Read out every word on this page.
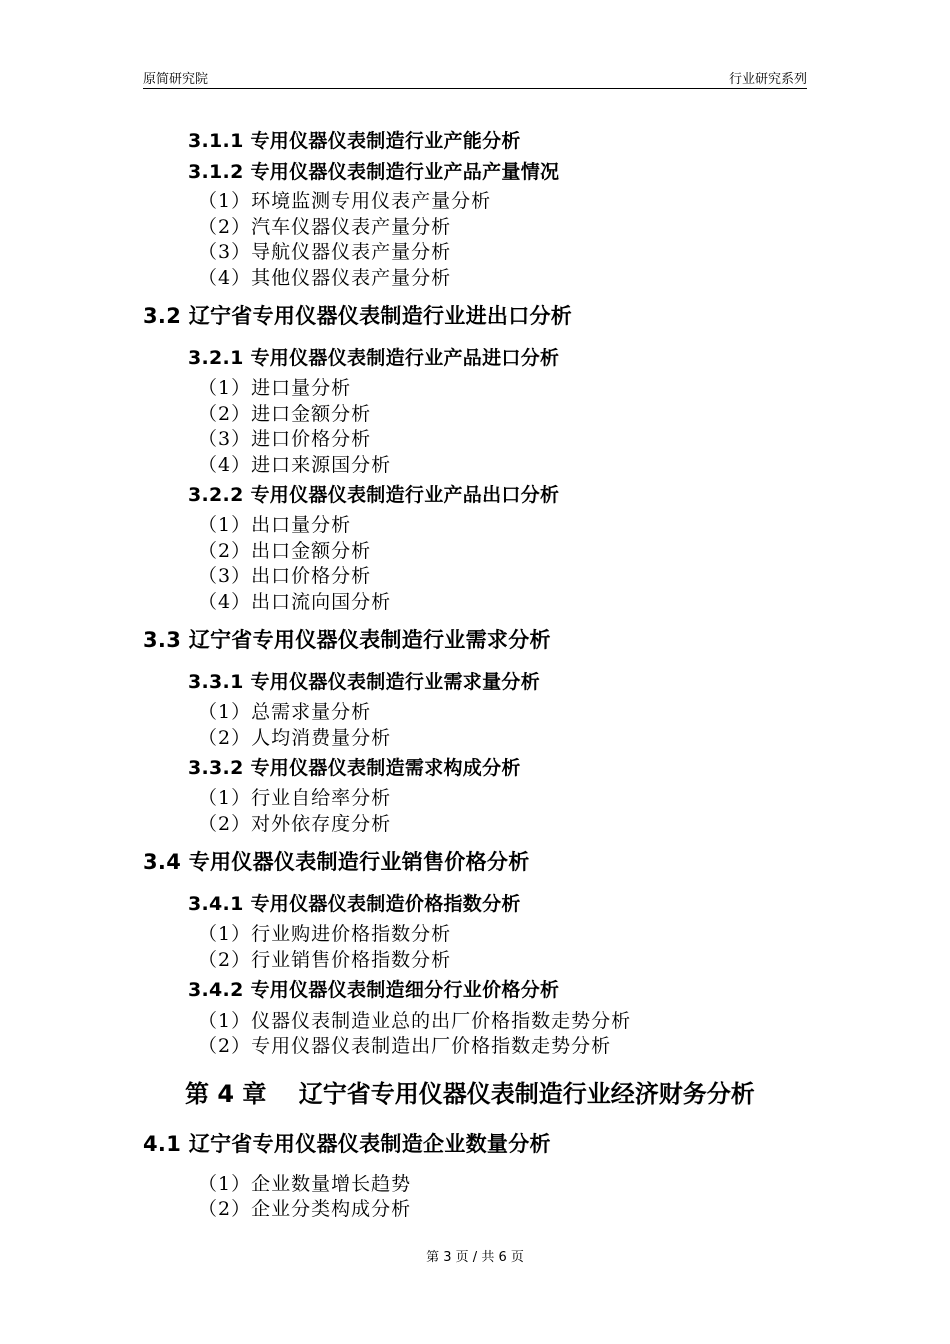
原简研究院	行业研究系列
3.1.1 专用仪器仪表制造行业产能分析
3.1.2 专用仪器仪表制造行业产品产量情况
（1）环境监测专用仪表产量分析
（2）汽车仪器仪表产量分析
（3）导航仪器仪表产量分析
（4）其他仪器仪表产量分析
3.2 辽宁省专用仪器仪表制造行业进出口分析
3.2.1 专用仪器仪表制造行业产品进口分析
（1）进口量分析
（2）进口金额分析
（3）进口价格分析
（4）进口来源国分析
3.2.2 专用仪器仪表制造行业产品出口分析
（1）出口量分析
（2）出口金额分析
（3）出口价格分析
（4）出口流向国分析
3.3 辽宁省专用仪器仪表制造行业需求分析
3.3.1 专用仪器仪表制造行业需求量分析
（1）总需求量分析
（2）人均消费量分析
3.3.2 专用仪器仪表制造需求构成分析
（1）行业自给率分析
（2）对外依存度分析
3.4 专用仪器仪表制造行业销售价格分析
3.4.1 专用仪器仪表制造价格指数分析
（1）行业购进价格指数分析
（2）行业销售价格指数分析
3.4.2 专用仪器仪表制造细分行业价格分析
（1）仪器仪表制造业总的出厂价格指数走势分析
（2）专用仪器仪表制造出厂价格指数走势分析
第 4 章　 辽宁省专用仪器仪表制造行业经济财务分析
4.1 辽宁省专用仪器仪表制造企业数量分析
（1）企业数量增长趋势
（2）企业分类构成分析
第 3 页 / 共 6 页
